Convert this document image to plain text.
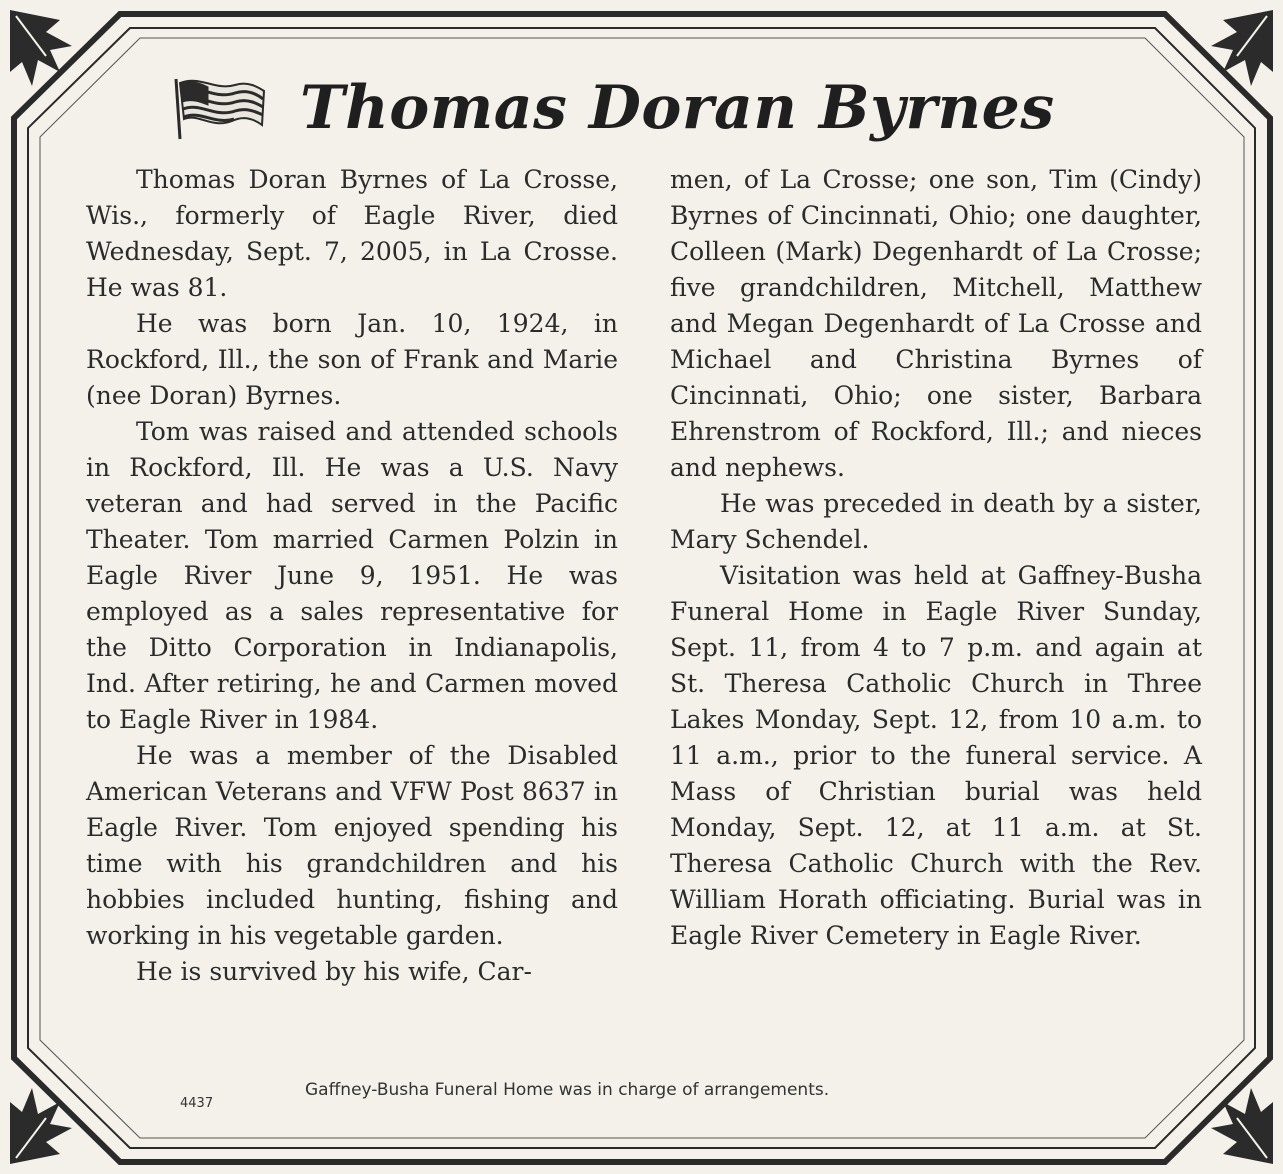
Thomas Doran Byrnes

Thomas Doran Byrnes of La Crosse, Wis., formerly of Eagle River, died Wednesday, Sept. 7, 2005, in La Crosse. He was 81.

He was born Jan. 10, 1924, in Rockford, Ill., the son of Frank and Marie (nee Doran) Byrnes.

Tom was raised and attended schools in Rockford, Ill. He was a U.S. Navy veteran and had served in the Pacific Theater. Tom married Carmen Polzin in Eagle River June 9, 1951. He was employed as a sales representative for the Ditto Corporation in Indianapolis, Ind. After retiring, he and Carmen moved to Eagle River in 1984.

He was a member of the Disabled American Veterans and VFW Post 8637 in Eagle River. Tom enjoyed spending his time with his grandchildren and his hobbies included hunting, fishing and working in his vegetable garden.

He is survived by his wife, Car-

men, of La Crosse; one son, Tim (Cindy) Byrnes of Cincinnati, Ohio; one daughter, Colleen (Mark) Degenhardt of La Crosse; five grandchildren, Mitchell, Matthew and Megan Degenhardt of La Crosse and Michael and Christina Byrnes of Cincinnati, Ohio; one sister, Barbara Ehrenstrom of Rockford, Ill.; and nieces and nephews.

He was preceded in death by a sister, Mary Schendel.

Visitation was held at Gaffney-Busha Funeral Home in Eagle River Sunday, Sept. 11, from 4 to 7 p.m. and again at St. Theresa Catholic Church in Three Lakes Monday, Sept. 12, from 10 a.m. to 11 a.m., prior to the funeral service. A Mass of Christian burial was held Monday, Sept. 12, at 11 a.m. at St. Theresa Catholic Church with the Rev. William Horath officiating. Burial was in Eagle River Cemetery in Eagle River.

4437
Gaffney-Busha Funeral Home was in charge of arrangements.
